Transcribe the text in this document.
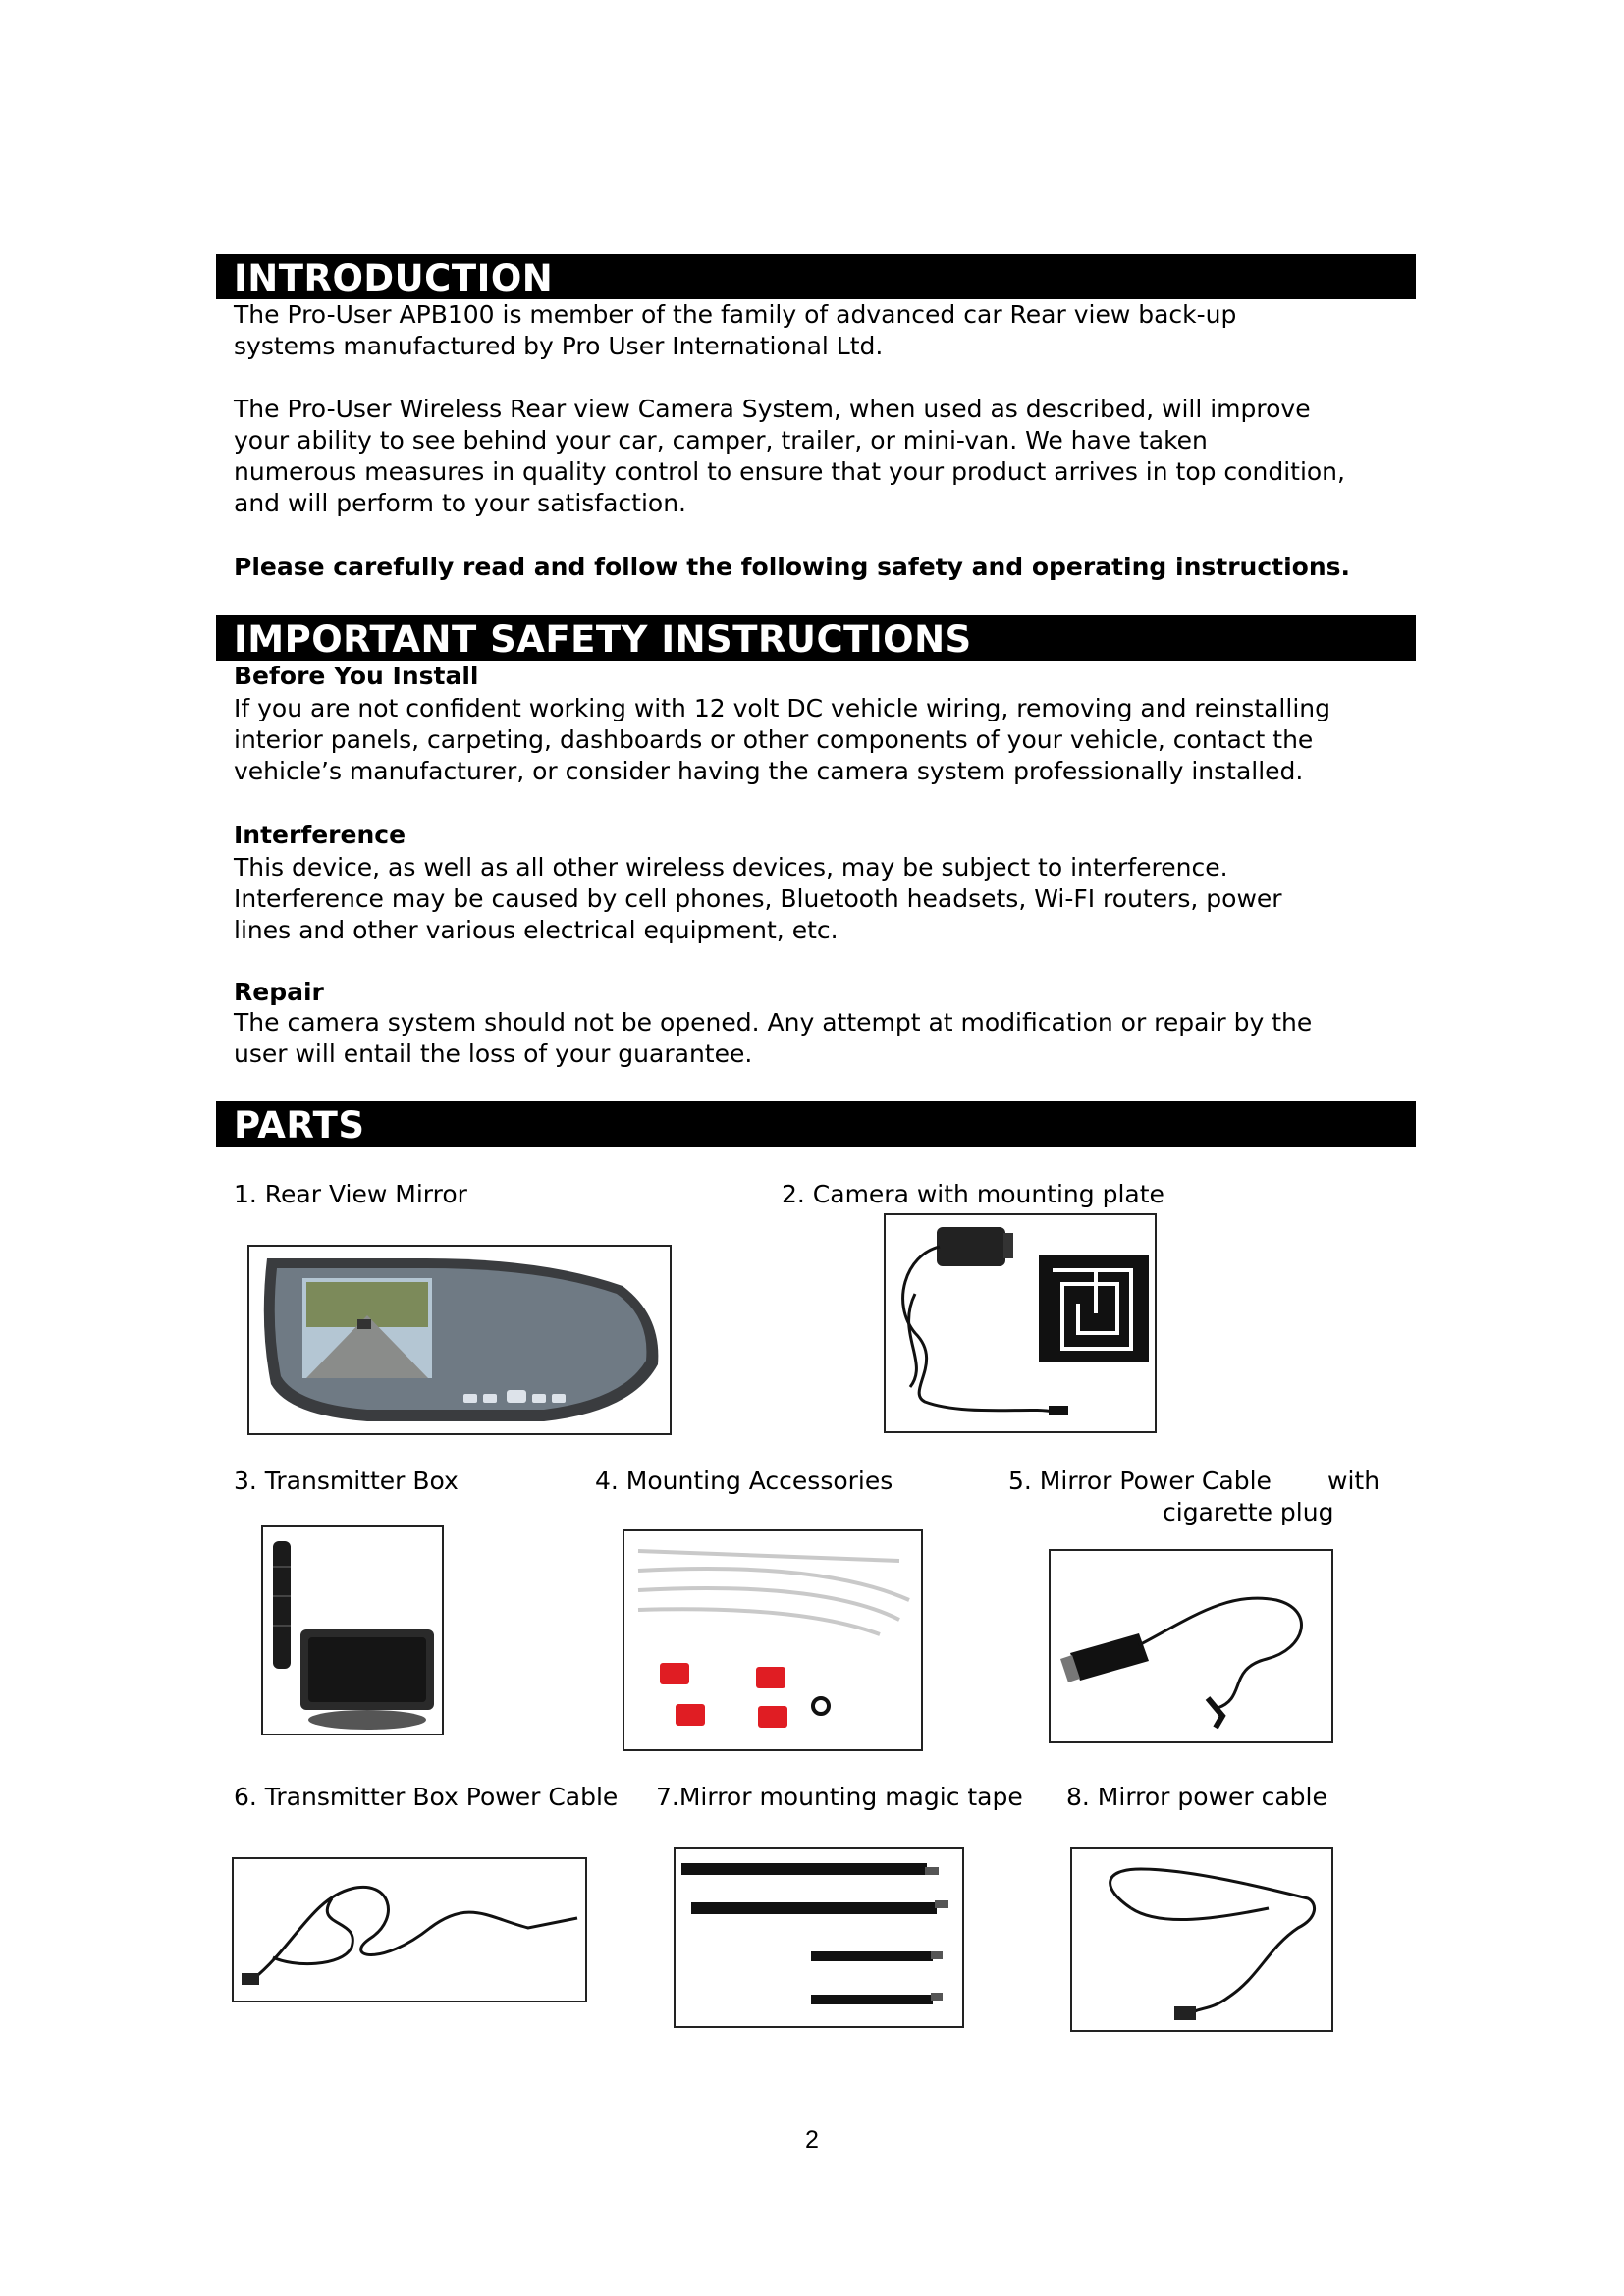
INTRODUCTION
The Pro-User APB100 is member of the family of advanced car Rear view back-up
systems manufactured by Pro User International Ltd.
The Pro-User Wireless Rear view Camera System, when used as described, will improve
your ability to see behind your car, camper, trailer, or mini-van. We have taken
numerous measures in quality control to ensure that your product arrives in top condition,
and will perform to your satisfaction.
Please carefully read and follow the following safety and operating instructions.
IMPORTANT SAFETY INSTRUCTIONS
Before You Install
If you are not confident working with 12 volt DC vehicle wiring, removing and reinstalling
interior panels, carpeting, dashboards or other components of your vehicle, contact the
vehicle’s manufacturer, or consider having the camera system professionally installed.
Interference
This device, as well as all other wireless devices, may be subject to interference.
Interference may be caused by cell phones, Bluetooth headsets, Wi-FI routers, power
lines and other various electrical equipment, etc.
Repair
The camera system should not be opened. Any attempt at modification or repair by the
user will entail the loss of your guarantee.
PARTS
1. Rear View Mirror	2. Camera with mounting plate
3. Transmitter Box	4. Mounting Accessories	5. Mirror Power Cable with
cigarette plug
6. Transmitter Box Power Cable 7.Mirror mounting magic tape 8. Mirror power cable
2
